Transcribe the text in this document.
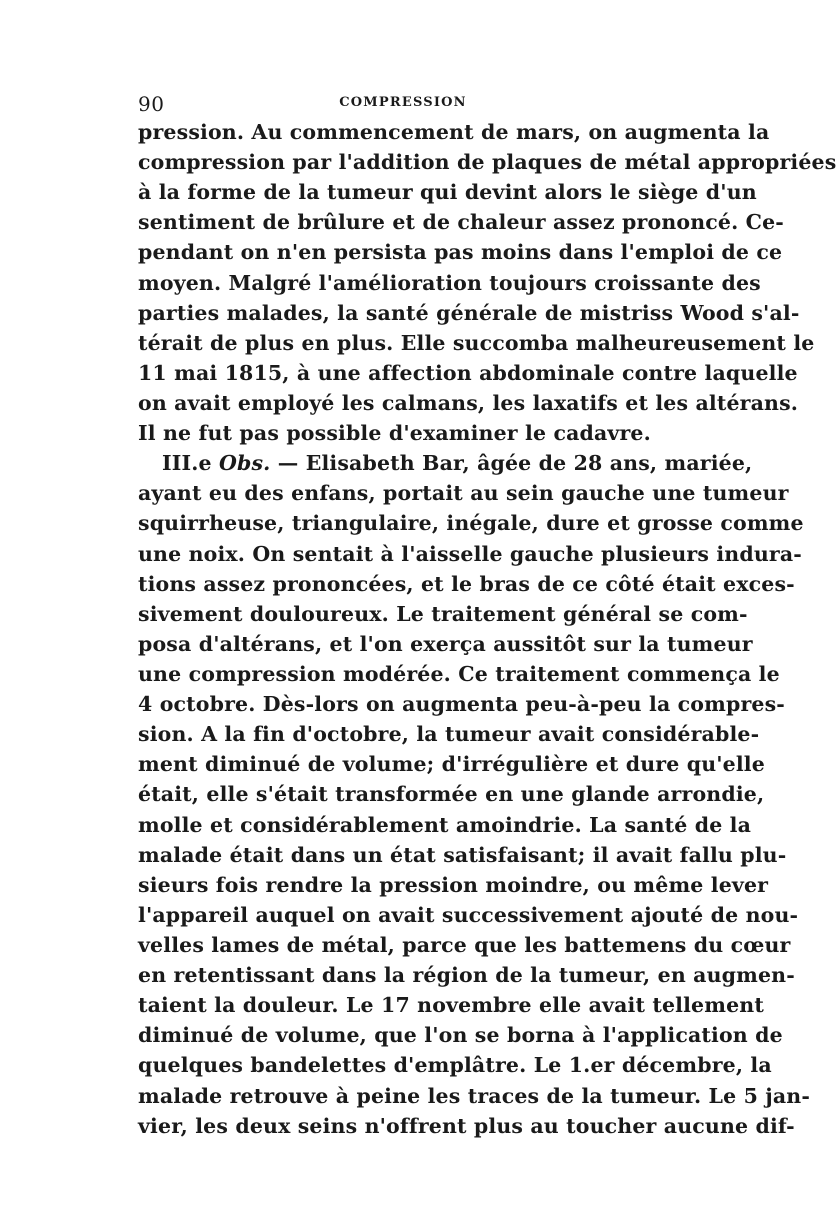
90	COMPRESSION
pression. Au commencement de mars, on augmenta la
compression par l'addition de plaques de métal appropriées
à la forme de la tumeur qui devint alors le siège d'un
sentiment de brûlure et de chaleur assez prononcé. Ce-
pendant on n'en persista pas moins dans l'emploi de ce
moyen. Malgré l'amélioration toujours croissante des
parties malades, la santé générale de mistriss Wood s'al-
térait de plus en plus. Elle succomba malheureusement le
11 mai 1815, à une affection abdominale contre laquelle
on avait employé les calmans, les laxatifs et les altérans.
Il ne fut pas possible d'examiner le cadavre.
III.e Obs. — Elisabeth Bar, âgée de 28 ans, mariée,
ayant eu des enfans, portait au sein gauche une tumeur
squirrheuse, triangulaire, inégale, dure et grosse comme
une noix. On sentait à l'aisselle gauche plusieurs indura-
tions assez prononcées, et le bras de ce côté était exces-
sivement douloureux. Le traitement général se com-
posa d'altérans, et l'on exerça aussitôt sur la tumeur
une compression modérée. Ce traitement commença le
4 octobre. Dès-lors on augmenta peu-à-peu la compres-
sion. A la fin d'octobre, la tumeur avait considérable-
ment diminué de volume; d'irrégulière et dure qu'elle
était, elle s'était transformée en une glande arrondie,
molle et considérablement amoindrie. La santé de la
malade était dans un état satisfaisant; il avait fallu plu-
sieurs fois rendre la pression moindre, ou même lever
l'appareil auquel on avait successivement ajouté de nou-
velles lames de métal, parce que les battemens du cœur
en retentissant dans la région de la tumeur, en augmen-
taient la douleur. Le 17 novembre elle avait tellement
diminué de volume, que l'on se borna à l'application de
quelques bandelettes d'emplâtre. Le 1.er décembre, la
malade retrouve à peine les traces de la tumeur. Le 5 jan-
vier, les deux seins n'offrent plus au toucher aucune dif-
